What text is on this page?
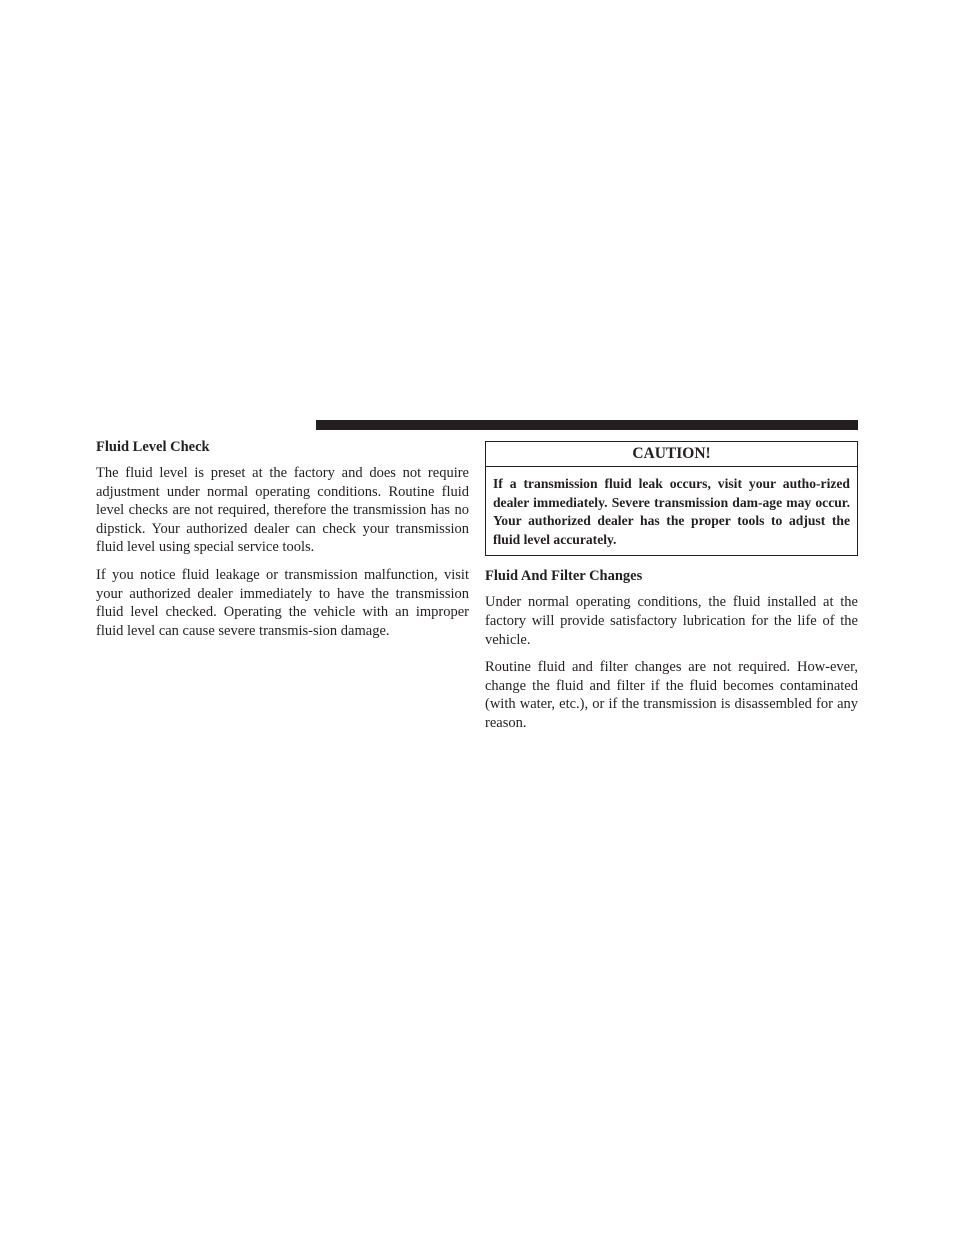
Fluid Level Check

The fluid level is preset at the factory and does not require adjustment under normal operating conditions. Routine fluid level checks are not required, therefore the transmission has no dipstick. Your authorized dealer can check your transmission fluid level using special service tools.

If you notice fluid leakage or transmission malfunction, visit your authorized dealer immediately to have the transmission fluid level checked. Operating the vehicle with an improper fluid level can cause severe transmis-sion damage.

CAUTION!
If a transmission fluid leak occurs, visit your autho-rized dealer immediately. Severe transmission dam-age may occur. Your authorized dealer has the proper tools to adjust the fluid level accurately.
Fluid And Filter Changes

Under normal operating conditions, the fluid installed at the factory will provide satisfactory lubrication for the life of the vehicle.

Routine fluid and filter changes are not required. How-ever, change the fluid and filter if the fluid becomes contaminated (with water, etc.), or if the transmission is disassembled for any reason.
